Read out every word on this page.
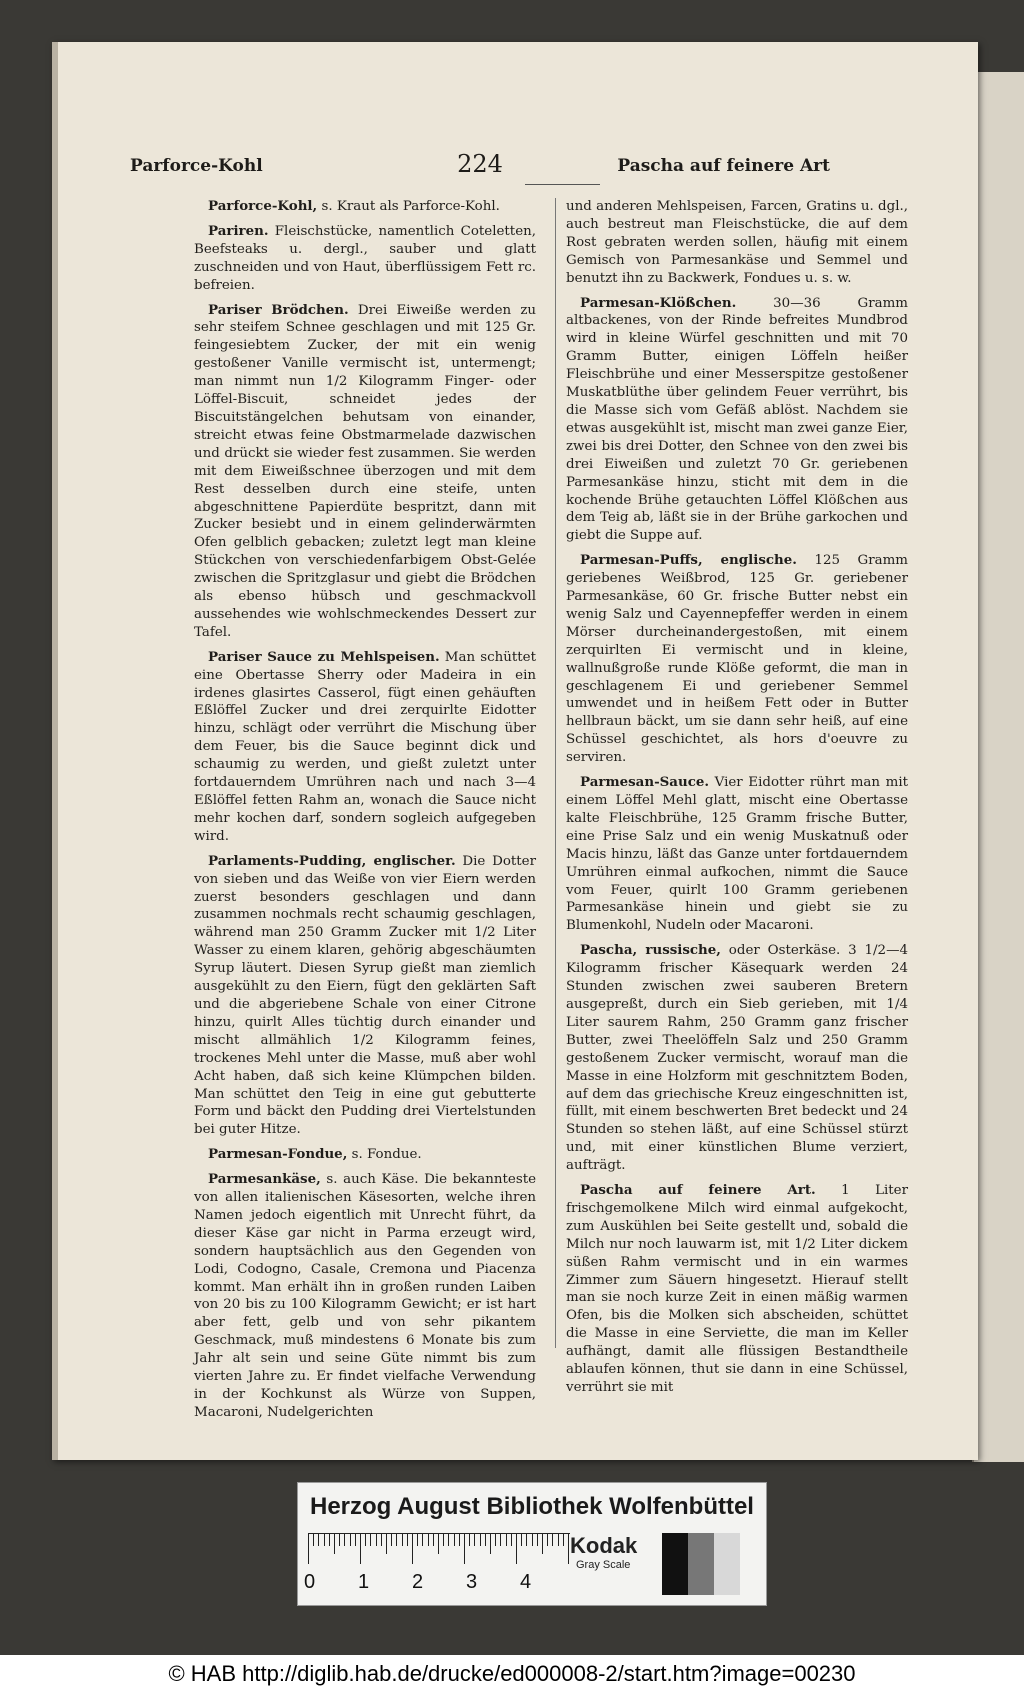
Parforce-Kohl	224	Pascha auf feinere Art

Parforce-Kohl, s. Kraut als Parforce-Kohl.

Pariren. Fleischstücke, namentlich Coteletten, Beefsteaks u. dergl., sauber und glatt zuschneiden und von Haut, überflüssigem Fett rc. befreien.

Pariser Brödchen. Drei Eiweiße werden zu sehr steifem Schnee geschlagen und mit 125 Gr. feingesiebtem Zucker, der mit ein wenig gestoßener Vanille vermischt ist, untermengt; man nimmt nun 1/2 Kilogramm Finger- oder Löffel-Biscuit, schneidet jedes der Biscuitstängelchen behutsam von einander, streicht etwas feine Obstmarmelade dazwischen und drückt sie wieder fest zusammen. Sie werden mit dem Eiweißschnee überzogen und mit dem Rest desselben durch eine steife, unten abgeschnittene Papierdüte bespritzt, dann mit Zucker besiebt und in einem gelinderwärmten Ofen gelblich gebacken; zuletzt legt man kleine Stückchen von verschiedenfarbigem Obst-Gelée zwischen die Spritzglasur und giebt die Brödchen als ebenso hübsch und geschmackvoll aussehendes wie wohlschmeckendes Dessert zur Tafel.

Pariser Sauce zu Mehlspeisen. Man schüttet eine Obertasse Sherry oder Madeira in ein irdenes glasirtes Casserol, fügt einen gehäuften Eßlöffel Zucker und drei zerquirlte Eidotter hinzu, schlägt oder verrührt die Mischung über dem Feuer, bis die Sauce beginnt dick und schaumig zu werden, und gießt zuletzt unter fortdauerndem Umrühren nach und nach 3—4 Eßlöffel fetten Rahm an, wonach die Sauce nicht mehr kochen darf, sondern sogleich aufgegeben wird.

Parlaments-Pudding, englischer. Die Dotter von sieben und das Weiße von vier Eiern werden zuerst besonders geschlagen und dann zusammen nochmals recht schaumig geschlagen, während man 250 Gramm Zucker mit 1/2 Liter Wasser zu einem klaren, gehörig abgeschäumten Syrup läutert. Diesen Syrup gießt man ziemlich ausgekühlt zu den Eiern, fügt den geklärten Saft und die abgeriebene Schale von einer Citrone hinzu, quirlt Alles tüchtig durch einander und mischt allmählich 1/2 Kilogramm feines, trockenes Mehl unter die Masse, muß aber wohl Acht haben, daß sich keine Klümpchen bilden. Man schüttet den Teig in eine gut gebutterte Form und bäckt den Pudding drei Viertelstunden bei guter Hitze.

Parmesan-Fondue, s. Fondue.

Parmesankäse, s. auch Käse. Die bekannteste von allen italienischen Käsesorten, welche ihren Namen jedoch eigentlich mit Unrecht führt, da dieser Käse gar nicht in Parma erzeugt wird, sondern hauptsächlich aus den Gegenden von Lodi, Codogno, Casale, Cremona und Piacenza kommt. Man erhält ihn in großen runden Laiben von 20 bis zu 100 Kilogramm Gewicht; er ist hart aber fett, gelb und von sehr pikantem Geschmack, muß mindestens 6 Monate bis zum Jahr alt sein und seine Güte nimmt bis zum vierten Jahre zu. Er findet vielfache Verwendung in der Kochkunst als Würze von Suppen, Macaroni, Nudelgerichten

und anderen Mehlspeisen, Farcen, Gratins u. dgl., auch bestreut man Fleischstücke, die auf dem Rost gebraten werden sollen, häufig mit einem Gemisch von Parmesankäse und Semmel und benutzt ihn zu Backwerk, Fondues u. s. w.

Parmesan-Klößchen. 30—36 Gramm altbackenes, von der Rinde befreites Mundbrod wird in kleine Würfel geschnitten und mit 70 Gramm Butter, einigen Löffeln heißer Fleischbrühe und einer Messerspitze gestoßener Muskatblüthe über gelindem Feuer verrührt, bis die Masse sich vom Gefäß ablöst. Nachdem sie etwas ausgekühlt ist, mischt man zwei ganze Eier, zwei bis drei Dotter, den Schnee von den zwei bis drei Eiweißen und zuletzt 70 Gr. geriebenen Parmesankäse hinzu, sticht mit dem in die kochende Brühe getauchten Löffel Klößchen aus dem Teig ab, läßt sie in der Brühe garkochen und giebt die Suppe auf.

Parmesan-Puffs, englische. 125 Gramm geriebenes Weißbrod, 125 Gr. geriebener Parmesankäse, 60 Gr. frische Butter nebst ein wenig Salz und Cayennepfeffer werden in einem Mörser durcheinandergestoßen, mit einem zerquirlten Ei vermischt und in kleine, wallnußgroße runde Klöße geformt, die man in geschlagenem Ei und geriebener Semmel umwendet und in heißem Fett oder in Butter hellbraun bäckt, um sie dann sehr heiß, auf eine Schüssel geschichtet, als hors d'oeuvre zu serviren.

Parmesan-Sauce. Vier Eidotter rührt man mit einem Löffel Mehl glatt, mischt eine Obertasse kalte Fleischbrühe, 125 Gramm frische Butter, eine Prise Salz und ein wenig Muskatnuß oder Macis hinzu, läßt das Ganze unter fortdauerndem Umrühren einmal aufkochen, nimmt die Sauce vom Feuer, quirlt 100 Gramm geriebenen Parmesankäse hinein und giebt sie zu Blumenkohl, Nudeln oder Macaroni.

Pascha, russische, oder Osterkäse. 3 1/2—4 Kilogramm frischer Käsequark werden 24 Stunden zwischen zwei sauberen Bretern ausgepreßt, durch ein Sieb gerieben, mit 1/4 Liter saurem Rahm, 250 Gramm ganz frischer Butter, zwei Theelöffeln Salz und 250 Gramm gestoßenem Zucker vermischt, worauf man die Masse in eine Holzform mit geschnitztem Boden, auf dem das griechische Kreuz eingeschnitten ist, füllt, mit einem beschwerten Bret bedeckt und 24 Stunden so stehen läßt, auf eine Schüssel stürzt und, mit einer künstlichen Blume verziert, aufträgt.

Pascha auf feinere Art. 1 Liter frischgemolkene Milch wird einmal aufgekocht, zum Auskühlen bei Seite gestellt und, sobald die Milch nur noch lauwarm ist, mit 1/2 Liter dickem süßen Rahm vermischt und in ein warmes Zimmer zum Säuern hingesetzt. Hierauf stellt man sie noch kurze Zeit in einen mäßig warmen Ofen, bis die Molken sich abscheiden, schüttet die Masse in eine Serviette, die man im Keller aufhängt, damit alle flüssigen Bestandtheile ablaufen können, thut sie dann in eine Schüssel, verrührt sie mit

Herzog August Bibliothek Wolfenbüttel
0 1 2 3 4
Kodak
Gray Scale
© HAB http://diglib.hab.de/drucke/ed000008-2/start.htm?image=00230
